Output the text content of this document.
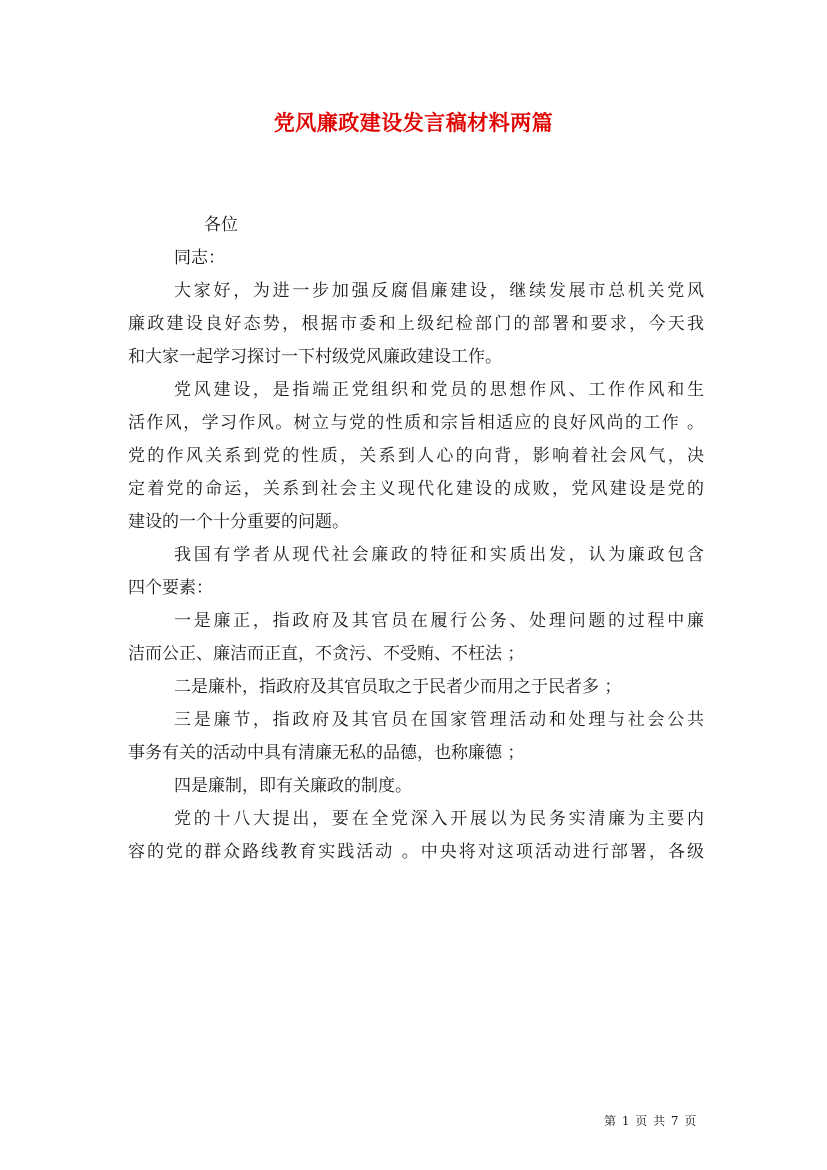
党风廉政建设发言稿材料两篇
各位
同志：
大家好，为进一步加强反腐倡廉建设，继续发展市总机关党风
廉政建设良好态势，根据市委和上级纪检部门的部署和要求，今天我
和大家一起学习探讨一下村级党风廉政建设工作。
党风建设，是指端正党组织和党员的思想作风、工作作风和生
活作风，学习作风。树立与党的性质和宗旨相适应的良好风尚的工作 。
党的作风关系到党的性质，关系到人心的向背，影响着社会风气，决
定着党的命运，关系到社会主义现代化建设的成败，党风建设是党的
建设的一个十分重要的问题。
我国有学者从现代社会廉政的特征和实质出发，认为廉政包含
四个要素：
一是廉正，指政府及其官员在履行公务、处理问题的过程中廉
洁而公正、廉洁而正直，不贪污、不受贿、不枉法 ；
二是廉朴，指政府及其官员取之于民者少而用之于民者多 ；
三是廉节，指政府及其官员在国家管理活动和处理与社会公共
事务有关的活动中具有清廉无私的品德，也称廉德 ；
四是廉制，即有关廉政的制度。
党的十八大提出，要在全党深入开展以为民务实清廉为主要内
容的党的群众路线教育实践活动 。中央将对这项活动进行部署，各级
第 1 页 共 7 页
